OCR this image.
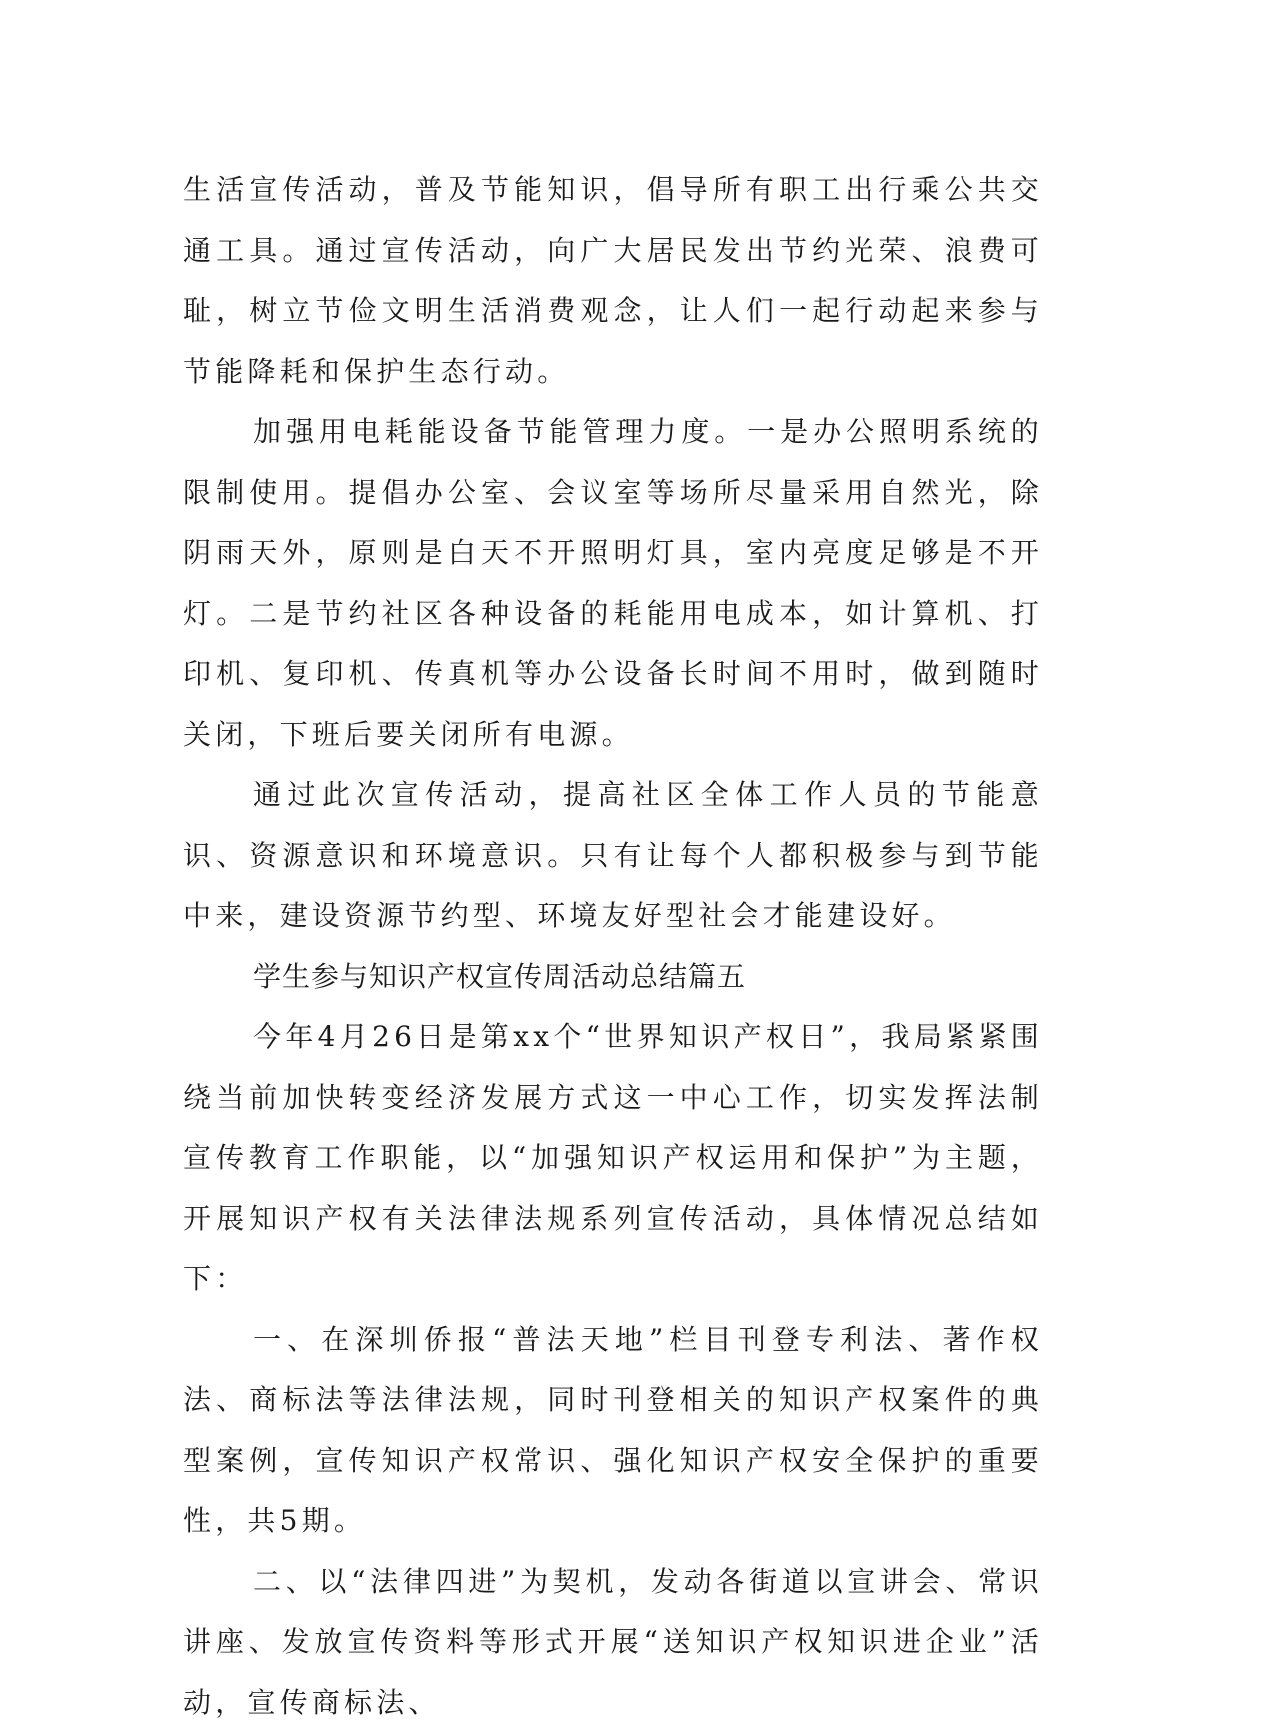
生活宣传活动，普及节能知识，倡导所有职工出行乘公共交通工具。通过宣传活动，向广大居民发出节约光荣、浪费可耻，树立节俭文明生活消费观念，让人们一起行动起来参与节能降耗和保护生态行动。

加强用电耗能设备节能管理力度。一是办公照明系统的限制使用。提倡办公室、会议室等场所尽量采用自然光，除阴雨天外，原则是白天不开照明灯具，室内亮度足够是不开灯。二是节约社区各种设备的耗能用电成本，如计算机、打印机、复印机、传真机等办公设备长时间不用时，做到随时关闭，下班后要关闭所有电源。

通过此次宣传活动，提高社区全体工作人员的节能意识、资源意识和环境意识。只有让每个人都积极参与到节能中来，建设资源节约型、环境友好型社会才能建设好。

学生参与知识产权宣传周活动总结篇五

今年4月26日是第xx个“世界知识产权日”，我局紧紧围绕当前加快转变经济发展方式这一中心工作，切实发挥法制宣传教育工作职能，以“加强知识产权运用和保护”为主题，开展知识产权有关法律法规系列宣传活动，具体情况总结如下：

一、在深圳侨报“普法天地”栏目刊登专利法、著作权法、商标法等法律法规，同时刊登相关的知识产权案件的典型案例，宣传知识产权常识、强化知识产权安全保护的重要性，共5期。

二、以“法律四进”为契机，发动各街道以宣讲会、常识讲座、发放宣传资料等形式开展“送知识产权知识进企业”活动，宣传商标法、
